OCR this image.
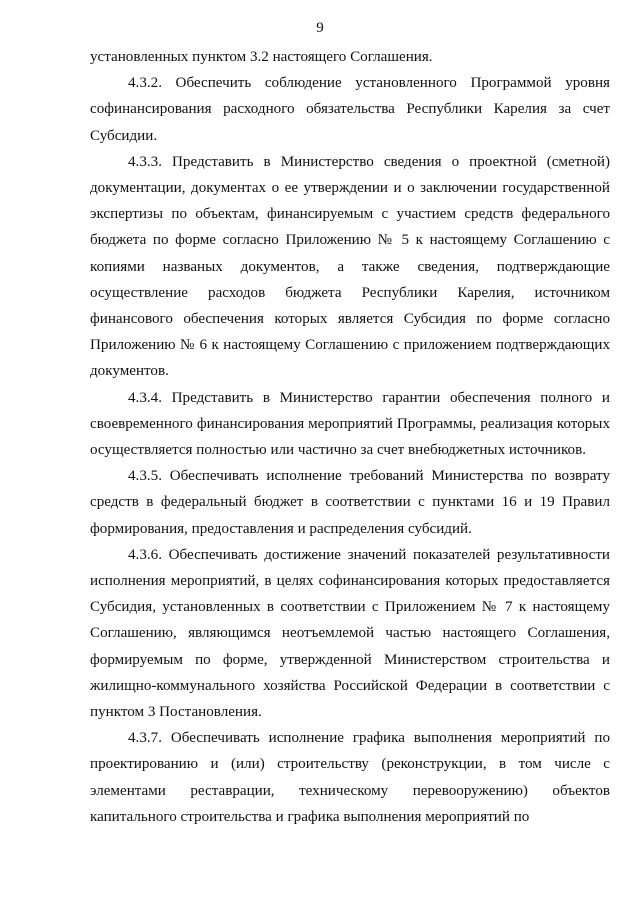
9

установленных пунктом 3.2 настоящего Соглашения.

4.3.2. Обеспечить соблюдение установленного Программой уровня софинансирования расходного обязательства Республики Карелия за счет Субсидии.

4.3.3. Представить в Министерство сведения о проектной (сметной) документации, документах о ее утверждении и о заключении государственной экспертизы по объектам, финансируемым с участием средств федерального бюджета по форме согласно Приложению № 5 к настоящему Соглашению с копиями названых документов, а также сведения, подтверждающие осуществление расходов бюджета Республики Карелия, источником финансового обеспечения которых является Субсидия по форме согласно Приложению № 6 к настоящему Соглашению с приложением подтверждающих документов.

4.3.4. Представить в Министерство гарантии обеспечения полного и своевременного финансирования мероприятий Программы, реализация которых осуществляется полностью или частично за счет внебюджетных источников.

4.3.5. Обеспечивать исполнение требований Министерства по возврату средств в федеральный бюджет в соответствии с пунктами 16 и 19 Правил формирования, предоставления и распределения субсидий.

4.3.6. Обеспечивать достижение значений показателей результативности исполнения мероприятий, в целях софинансирования которых предоставляется Субсидия, установленных в соответствии с Приложением № 7 к настоящему Соглашению, являющимся неотъемлемой частью настоящего Соглашения, формируемым по форме, утвержденной Министерством строительства и жилищно-коммунального хозяйства Российской Федерации в соответствии с пунктом 3 Постановления.

4.3.7. Обеспечивать исполнение графика выполнения мероприятий по проектированию и (или) строительству (реконструкции, в том числе с элементами реставрации, техническому перевооружению) объектов капитального строительства и графика выполнения мероприятий по
